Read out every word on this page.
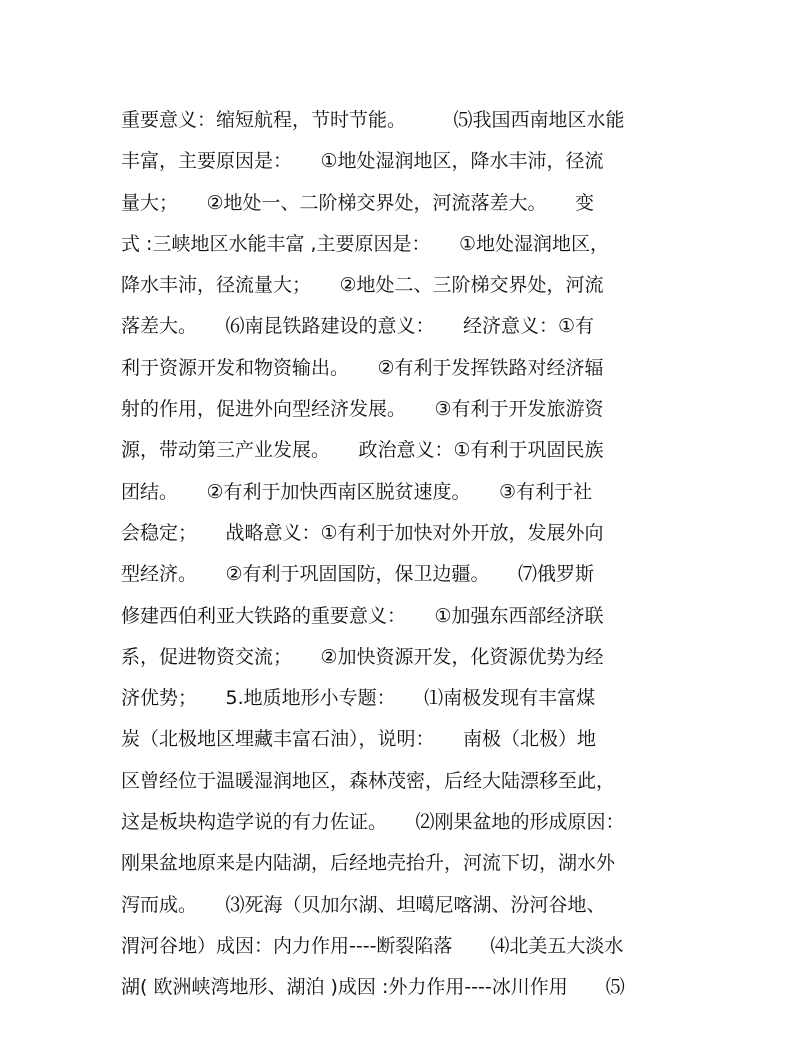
重要意义：缩短航程，节时节能。　　　⑸我国西南地区水能
丰富，主要原因是：　　①地处湿润地区，降水丰沛，径流
量大；　　②地处一、二阶梯交界处，河流落差大。　　变
式 :三峡地区水能丰富 ,主要原因是：　　①地处湿润地区，
降水丰沛，径流量大；　　②地处二、三阶梯交界处，河流
落差大。　　⑹南昆铁路建设的意义：　　经济意义：①有
利于资源开发和物资输出。　　②有利于发挥铁路对经济辐
射的作用，促进外向型经济发展。　　③有利于开发旅游资
源，带动第三产业发展。　　政治意义：①有利于巩固民族
团结。　　②有利于加快西南区脱贫速度。　　③有利于社
会稳定；　　战略意义：①有利于加快对外开放，发展外向
型经济。　　②有利于巩固国防，保卫边疆。　　⑺俄罗斯
修建西伯利亚大铁路的重要意义：　　①加强东西部经济联
系，促进物资交流；　　②加快资源开发，化资源优势为经
济优势；　　5.地质地形小专题：　　⑴南极发现有丰富煤
炭（北极地区埋藏丰富石油），说明：　　南极（北极）地
区曾经位于温暖湿润地区，森林茂密，后经大陆漂移至此，
这是板块构造学说的有力佐证。　　⑵刚果盆地的形成原因：
刚果盆地原来是内陆湖，后经地壳抬升，河流下切，湖水外
泻而成。　　⑶死海（贝加尔湖、坦噶尼喀湖、汾河谷地、
渭河谷地）成因：内力作用----断裂陷落　　⑷北美五大淡水
湖( 欧洲峡湾地形、湖泊 )成因 :外力作用----冰川作用　　⑸
